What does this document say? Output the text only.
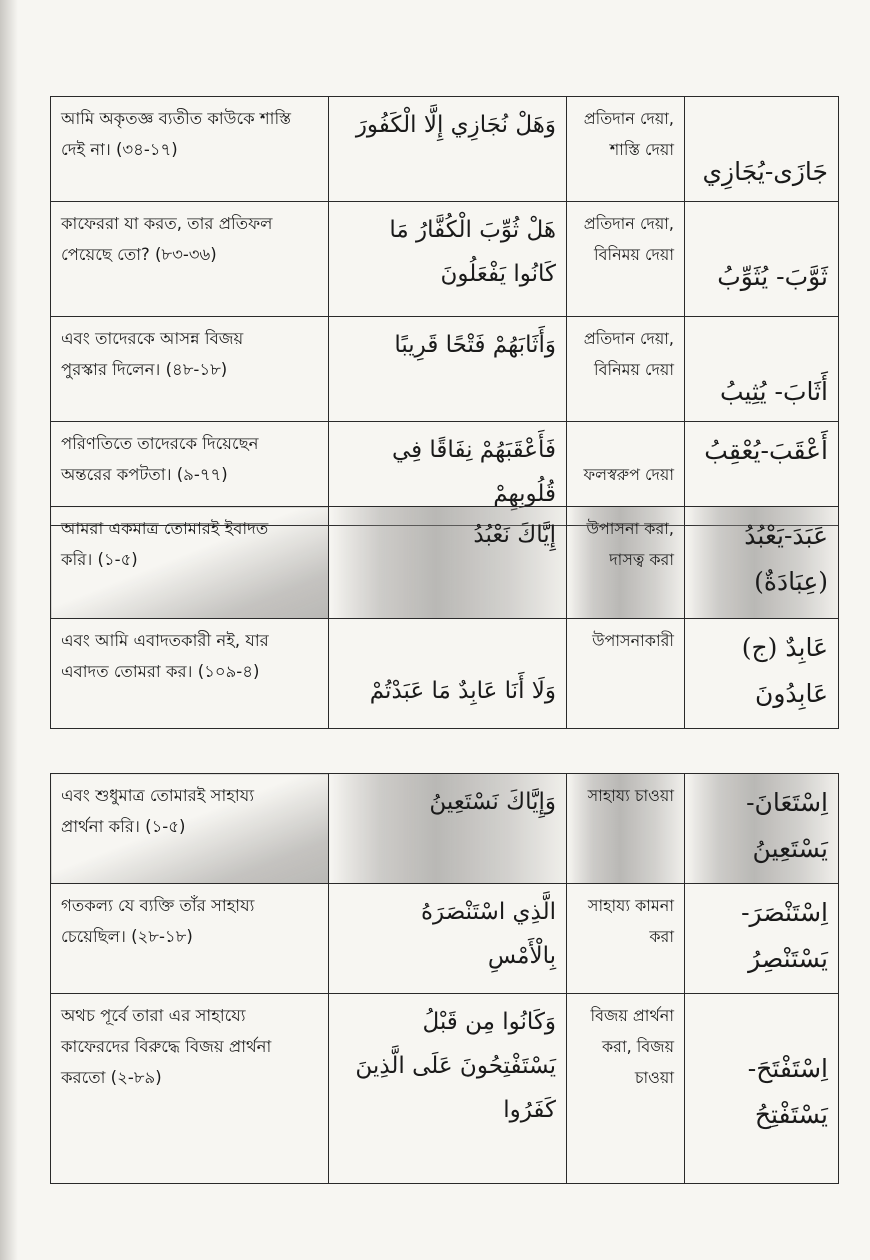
আমি অকৃতজ্ঞ ব্যতীত কাউকে শাস্তি
দেই না। (৩৪-১৭)	وَهَلْ نُجَازِي إِلَّا الْكَفُورَ	প্রতিদান দেয়া,
শাস্তি দেয়া	جَازَى-يُجَازِي

কাফেররা যা করত, তার প্রতিফল
পেয়েছে তো? (৮৩-৩৬)	هَلْ ثُوِّبَ الْكُفَّارُ مَا
كَانُوا يَفْعَلُونَ	প্রতিদান দেয়া,
বিনিময় দেয়া	ثَوَّبَ- يُثَوِّبُ

এবং তাদেরকে আসন্ন বিজয়
পুরস্কার দিলেন। (৪৮-১৮)	وَأَثَابَهُمْ فَتْحًا قَرِيبًا	প্রতিদান দেয়া,
বিনিময় দেয়া	أَثَابَ- يُثِيبُ

পরিণতিতে তাদেরকে দিয়েছেন
অন্তরের কপটতা। (৯-৭৭)	فَأَعْقَبَهُمْ نِفَاقًا فِي
قُلُوبِهِمْ	ফলস্বরুপ দেয়া	أَعْقَبَ-يُعْقِبُ
আমরা একমাত্র তোমারই ইবাদত
করি। (১-৫)	إِيَّاكَ نَعْبُدُ	উপাসনা করা,
দাসত্ব করা	عَبَدَ-يَعْبُدُ
(عِبَادَةٌ)

এবং আমি এবাদতকারী নই, যার
এবাদত তোমরা কর। (১০৯-৪)	وَلَا أَنَا عَابِدٌ مَا عَبَدْتُمْ	উপাসনাকারী	عَابِدٌ (ج)
عَابِدُونَ
এবং শুধুমাত্র তোমারই সাহায্য
প্রার্থনা করি। (১-৫)	وَإِيَّاكَ نَسْتَعِينُ	সাহায্য চাওয়া	اِسْتَعَانَ-
يَسْتَعِينُ

গতকল্য যে ব্যক্তি তাঁর সাহায্য
চেয়েছিল। (২৮-১৮)	الَّذِي اسْتَنْصَرَهُ
بِالْأَمْسِ	সাহায্য কামনা
করা	اِسْتَنْصَرَ-
يَسْتَنْصِرُ

অথচ পূর্বে তারা এর সাহায্যে
কাফেরদের বিরুদ্ধে বিজয় প্রার্থনা
করতো (২-৮৯)	وَكَانُوا مِن قَبْلُ
يَسْتَفْتِحُونَ عَلَى الَّذِينَ
كَفَرُوا	বিজয় প্রার্থনা
করা, বিজয়
চাওয়া	اِسْتَفْتَحَ-
يَسْتَفْتِحُ
